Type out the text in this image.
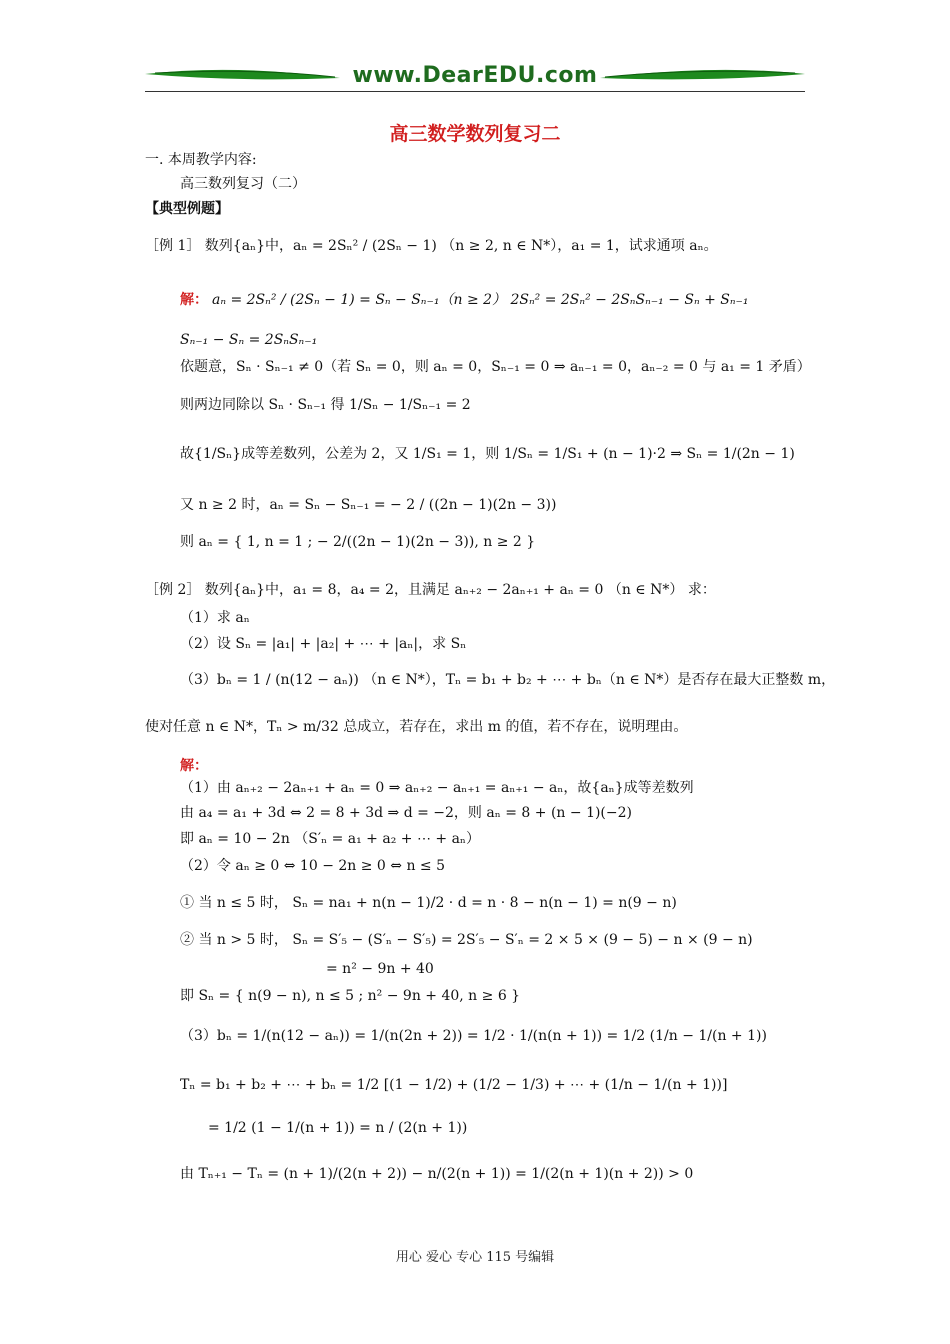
www.DearEDU.com
高三数学数列复习二
一. 本周教学内容:
高三数列复习（二）
【典型例题】
［例 1］ 数列{aₙ}中，aₙ = 2Sₙ² / (2Sₙ − 1) （n ≥ 2, n ∈ N*），a₁ = 1，试求通项 aₙ。
解： aₙ = 2Sₙ² / (2Sₙ − 1) = Sₙ − Sₙ₋₁（n ≥ 2） 2Sₙ² = 2Sₙ² − 2SₙSₙ₋₁ − Sₙ + Sₙ₋₁
Sₙ₋₁ − Sₙ = 2SₙSₙ₋₁
依题意，Sₙ · Sₙ₋₁ ≠ 0（若 Sₙ = 0，则 aₙ = 0，Sₙ₋₁ = 0 ⇒ aₙ₋₁ = 0，aₙ₋₂ = 0 与 a₁ = 1 矛盾）
则两边同除以 Sₙ · Sₙ₋₁ 得 1/Sₙ − 1/Sₙ₋₁ = 2
故{1/Sₙ}成等差数列，公差为 2，又 1/S₁ = 1，则 1/Sₙ = 1/S₁ + (n − 1)·2 ⇒ Sₙ = 1/(2n − 1)
又 n ≥ 2 时，aₙ = Sₙ − Sₙ₋₁ = − 2 / ((2n − 1)(2n − 3))
则 aₙ = { 1, n = 1 ; − 2/((2n − 1)(2n − 3)), n ≥ 2 }
［例 2］ 数列{aₙ}中，a₁ = 8，a₄ = 2，且满足 aₙ₊₂ − 2aₙ₊₁ + aₙ = 0 （n ∈ N*） 求：
（1）求 aₙ
（2）设 Sₙ = |a₁| + |a₂| + ⋯ + |aₙ|，求 Sₙ
（3）bₙ = 1 / (n(12 − aₙ)) （n ∈ N*），Tₙ = b₁ + b₂ + ⋯ + bₙ（n ∈ N*）是否存在最大正整数 m，
使对任意 n ∈ N*，Tₙ > m/32 总成立，若存在，求出 m 的值，若不存在，说明理由。
解：
（1）由 aₙ₊₂ − 2aₙ₊₁ + aₙ = 0 ⇒ aₙ₊₂ − aₙ₊₁ = aₙ₊₁ − aₙ，故{aₙ}成等差数列
由 a₄ = a₁ + 3d ⇔ 2 = 8 + 3d ⇒ d = −2，则 aₙ = 8 + (n − 1)(−2)
即 aₙ = 10 − 2n （S′ₙ = a₁ + a₂ + ⋯ + aₙ）
（2）令 aₙ ≥ 0 ⇔ 10 − 2n ≥ 0 ⇔ n ≤ 5
① 当 n ≤ 5 时， Sₙ = na₁ + n(n − 1)/2 · d = n · 8 − n(n − 1) = n(9 − n)
② 当 n > 5 时， Sₙ = S′₅ − (S′ₙ − S′₅) = 2S′₅ − S′ₙ = 2 × 5 × (9 − 5) − n × (9 − n)
= n² − 9n + 40
即 Sₙ = { n(9 − n), n ≤ 5 ; n² − 9n + 40, n ≥ 6 }
（3）bₙ = 1/(n(12 − aₙ)) = 1/(n(2n + 2)) = 1/2 · 1/(n(n + 1)) = 1/2 (1/n − 1/(n + 1))
Tₙ = b₁ + b₂ + ⋯ + bₙ = 1/2 [(1 − 1/2) + (1/2 − 1/3) + ⋯ + (1/n − 1/(n + 1))]
= 1/2 (1 − 1/(n + 1)) = n / (2(n + 1))
由 Tₙ₊₁ − Tₙ = (n + 1)/(2(n + 2)) − n/(2(n + 1)) = 1/(2(n + 1)(n + 2)) > 0
用心 爱心 专心 115 号编辑
